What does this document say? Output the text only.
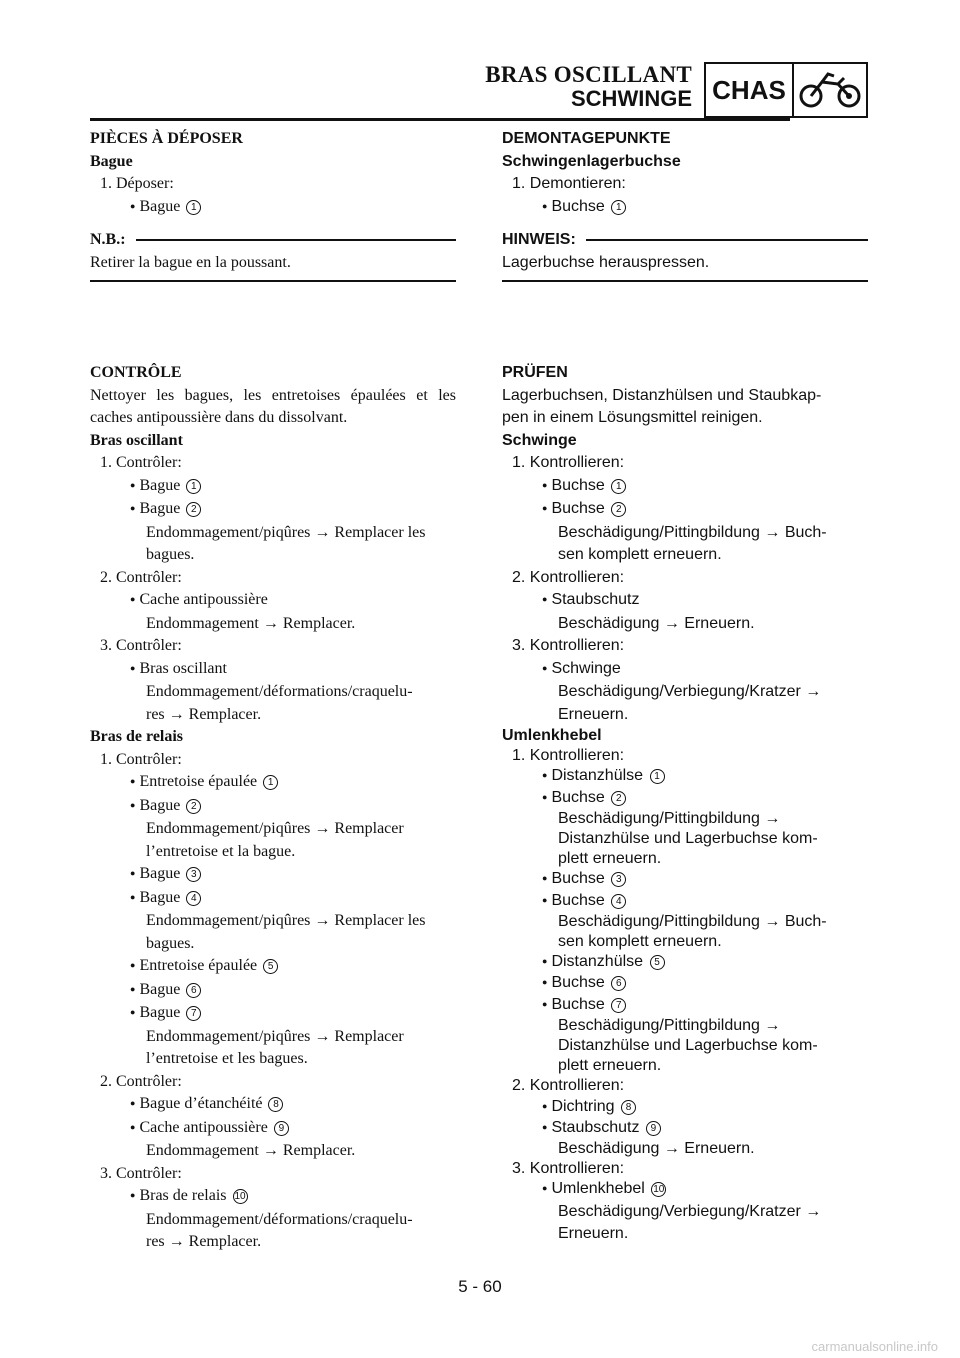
BRAS OSCILLANT
SCHWINGE CHAS
PIÈCES À DÉPOSER
Bague
1. Déposer:
● Bague 1
N.B.:
Retirer la bague en la poussant.
CONTRÔLE
Nettoyer les bagues, les entretoises épaulées et les
caches antipoussière dans du dissolvant.
Bras oscillant
1. Contrôler:
● Bague 1
● Bague 2
Endommagement/piqûres → Remplacer les
bagues.
2. Contrôler:
● Cache antipoussière
Endommagement → Remplacer.
3. Contrôler:
● Bras oscillant
Endommagement/déformations/craquelu-
res → Remplacer.
Bras de relais
1. Contrôler:
● Entretoise épaulée 1
● Bague 2
Endommagement/piqûres → Remplacer
l’entretoise et la bague.
● Bague 3
● Bague 4
Endommagement/piqûres → Remplacer les
bagues.
● Entretoise épaulée 5
● Bague 6
● Bague 7
Endommagement/piqûres → Remplacer
l’entretoise et les bagues.
2. Contrôler:
● Bague d’étanchéité 8
● Cache antipoussière 9
Endommagement → Remplacer.
3. Contrôler:
● Bras de relais 10
Endommagement/déformations/craquelu-
res → Remplacer.
DEMONTAGEPUNKTE
Schwingenlagerbuchse
1. Demontieren:
● Buchse 1
HINWEIS:
Lagerbuchse herauspressen.
PRÜFEN
Lagerbuchsen, Distanzhülsen und Staubkap-
pen in einem Lösungsmittel reinigen.
Schwinge
1. Kontrollieren:
● Buchse 1
● Buchse 2
Beschädigung/Pittingbildung → Buch-
sen komplett erneuern.
2. Kontrollieren:
● Staubschutz
Beschädigung → Erneuern.
3. Kontrollieren:
● Schwinge
Beschädigung/Verbiegung/Kratzer →
Erneuern.
Umlenkhebel
1. Kontrollieren:
● Distanzhülse 1
● Buchse 2
Beschädigung/Pittingbildung →
Distanzhülse und Lagerbuchse kom-
plett erneuern.
● Buchse 3
● Buchse 4
Beschädigung/Pittingbildung → Buch-
sen komplett erneuern.
● Distanzhülse 5
● Buchse 6
● Buchse 7
Beschädigung/Pittingbildung →
Distanzhülse und Lagerbuchse kom-
plett erneuern.
2. Kontrollieren:
● Dichtring 8
● Staubschutz 9
Beschädigung → Erneuern.
3. Kontrollieren:
● Umlenkhebel 10
Beschädigung/Verbiegung/Kratzer →
Erneuern.
5 - 60
carmanualsonline.info
